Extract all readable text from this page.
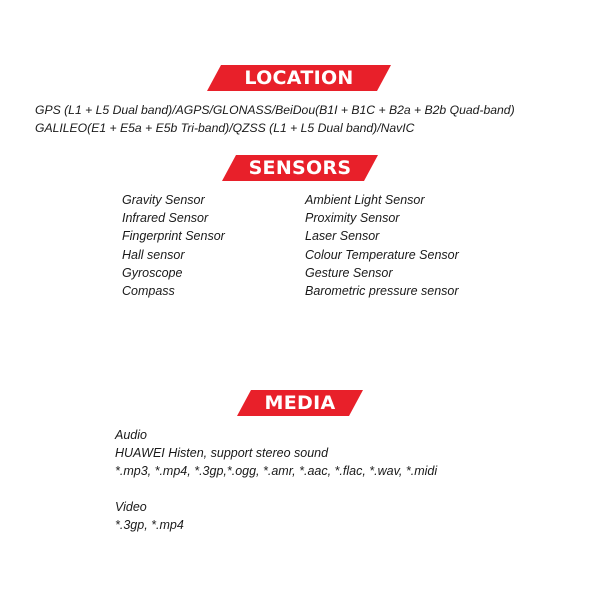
LOCATION
GPS (L1 + L5 Dual band)/AGPS/GLONASS/BeiDou(B1I + B1C + B2a + B2b Quad-band)
GALILEO(E1 + E5a + E5b Tri-band)/QZSS (L1 + L5 Dual band)/NavIC
SENSORS
Gravity Sensor
Infrared Sensor
Fingerprint Sensor
Hall sensor
Gyroscope
Compass
Ambient Light Sensor
Proximity Sensor
Laser Sensor
Colour Temperature Sensor
Gesture Sensor
Barometric pressure sensor
MEDIA
Audio
HUAWEI Histen, support stereo sound
*.mp3, *.mp4, *.3gp,*.ogg, *.amr, *.aac, *.flac, *.wav, *.midi
Video
*.3gp, *.mp4
